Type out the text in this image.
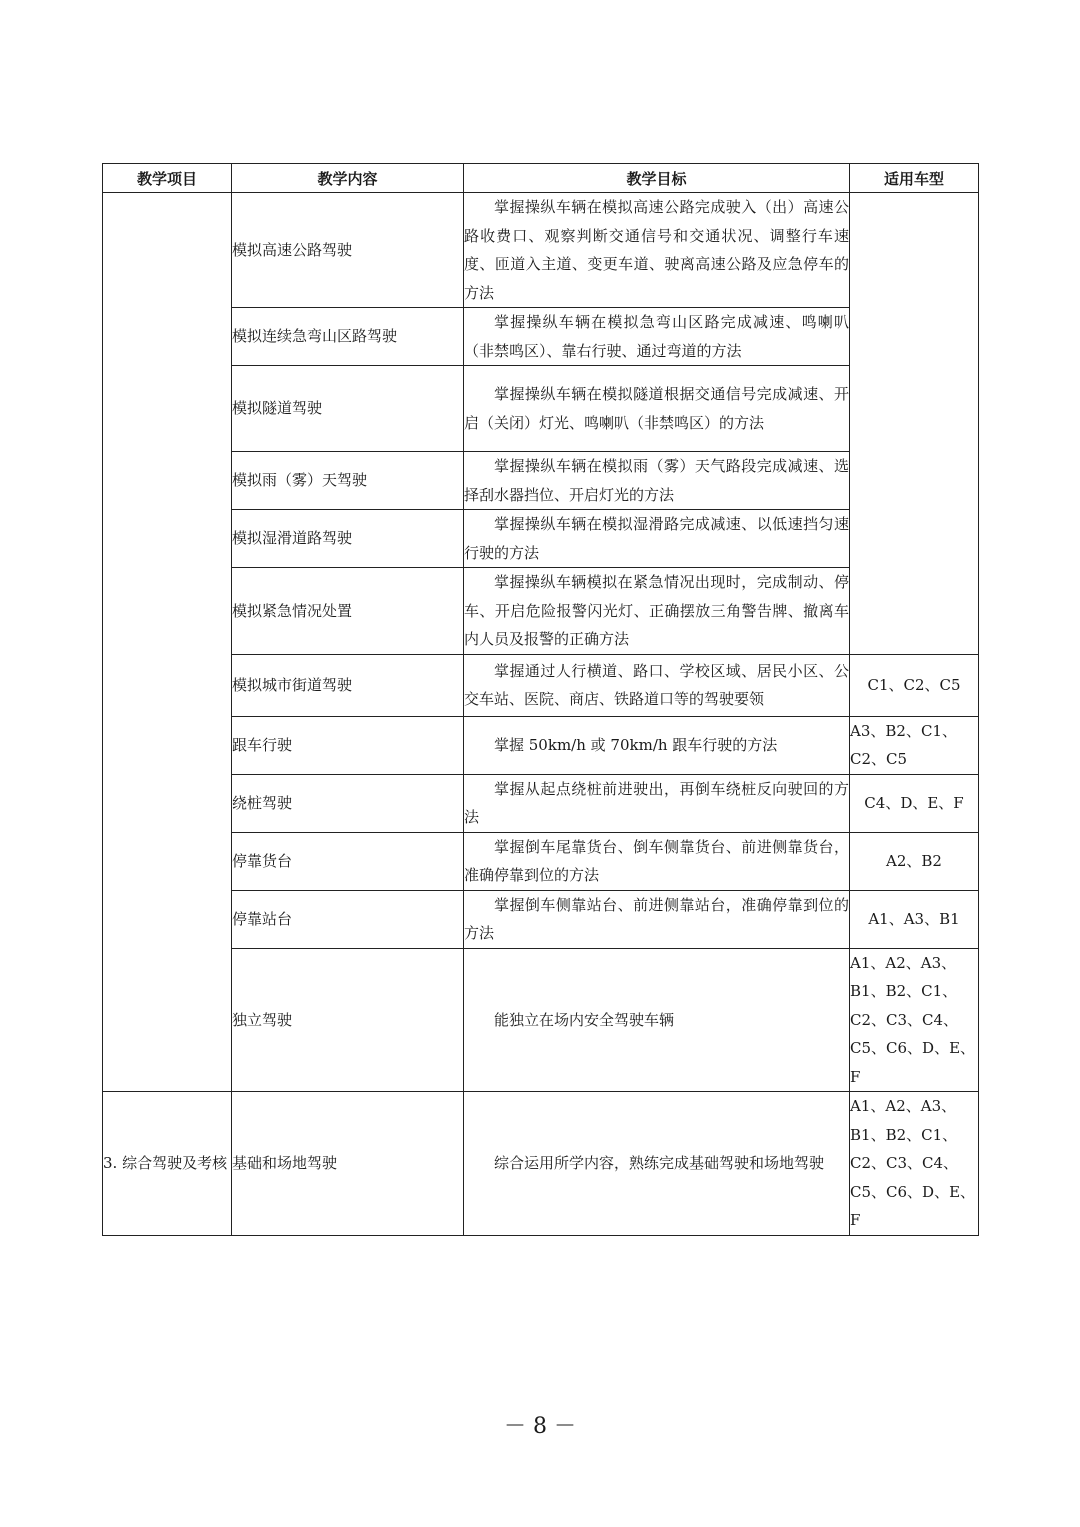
教学项目	教学内容	教学目标	适用车型
	模拟高速公路驾驶	掌握操纵车辆在模拟高速公路完成驶入（出）高速公路收费口、观察判断交通信号和交通状况、调整行车速度、匝道入主道、变更车道、驶离高速公路及应急停车的方法	
	模拟连续急弯山区路驾驶	掌握操纵车辆在模拟急弯山区路完成减速、鸣喇叭（非禁鸣区）、靠右行驶、通过弯道的方法	
	模拟隧道驾驶	掌握操纵车辆在模拟隧道根据交通信号完成减速、开启（关闭）灯光、鸣喇叭（非禁鸣区）的方法	
	模拟雨（雾）天驾驶	掌握操纵车辆在模拟雨（雾）天气路段完成减速、选择刮水器挡位、开启灯光的方法	
	模拟湿滑道路驾驶	掌握操纵车辆在模拟湿滑路完成减速、以低速挡匀速行驶的方法	
	模拟紧急情况处置	掌握操纵车辆模拟在紧急情况出现时，完成制动、停车、开启危险报警闪光灯、正确摆放三角警告牌、撤离车内人员及报警的正确方法	
	模拟城市街道驾驶	掌握通过人行横道、路口、学校区域、居民小区、公交车站、医院、商店、铁路道口等的驾驶要领	C1、C2、C5
	跟车行驶	掌握 50km/h 或 70km/h 跟车行驶的方法	A3、B2、C1、C2、C5
	绕桩驾驶	掌握从起点绕桩前进驶出，再倒车绕桩反向驶回的方法	C4、D、E、F
	停靠货台	掌握倒车尾靠货台、倒车侧靠货台、前进侧靠货台，准确停靠到位的方法	A2、B2
	停靠站台	掌握倒车侧靠站台、前进侧靠站台，准确停靠到位的方法	A1、A3、B1
	独立驾驶	能独立在场内安全驾驶车辆	A1、A2、A3、B1、B2、C1、C2、C3、C4、C5、C6、D、E、F
3. 综合驾驶及考核	基础和场地驾驶	综合运用所学内容，熟练完成基础驾驶和场地驾驶	A1、A2、A3、B1、B2、C1、C2、C3、C4、C5、C6、D、E、F
－ 8 －
